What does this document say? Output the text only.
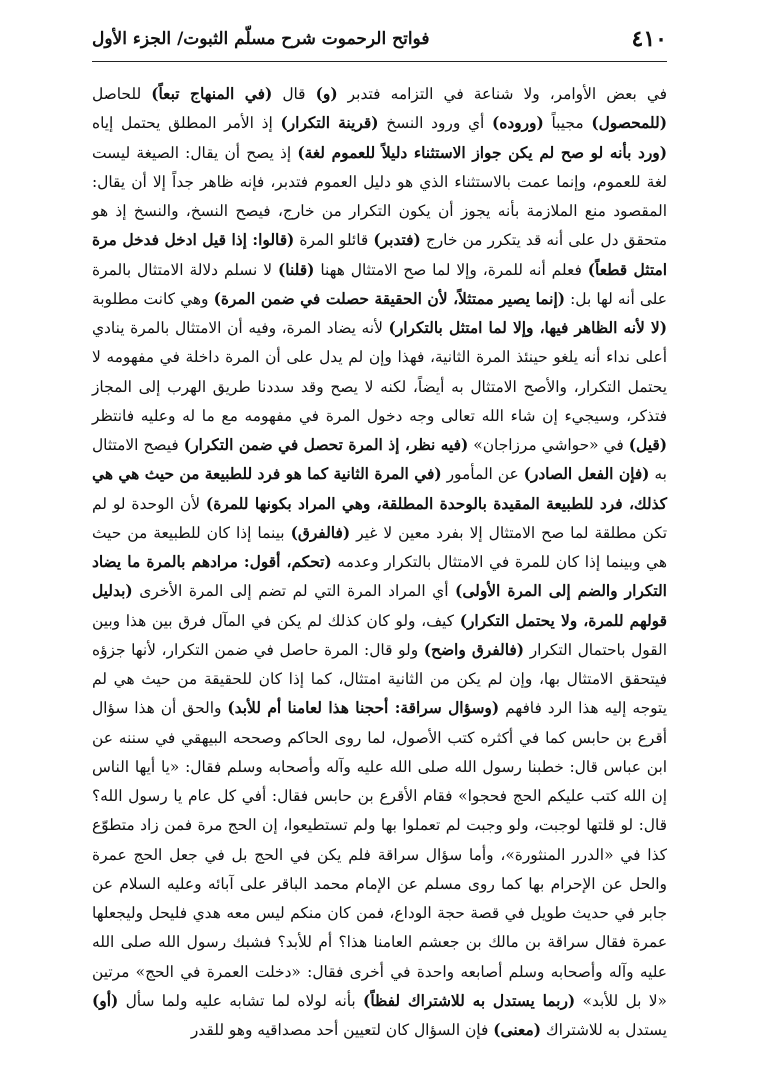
٤١٠
فواتح الرحموت شرح مسلّم الثبوت/ الجزء الأول

في بعض الأوامر، ولا شناعة في التزامه فتدبر (و) قال (في المنهاج تبعاً) للحاصل (للمحصول) مجيباً (وروده) أي ورود النسخ (قرينة التكرار) إذ الأمر المطلق يحتمل إياه (ورد بأنه لو صح لم يكن جواز الاستثناء دليلاً للعموم لغة) إذ يصح أن يقال: الصيغة ليست لغة للعموم، وإنما عمت بالاستثناء الذي هو دليل العموم فتدبر، فإنه ظاهر جداً إلا أن يقال: المقصود منع الملازمة بأنه يجوز أن يكون التكرار من خارج، فيصح النسخ، والنسخ إذ هو متحقق دل على أنه قد يتكرر من خارج (فتدبر) قائلو المرة (قالوا: إذا قيل ادخل فدخل مرة امتثل قطعاً) فعلم أنه للمرة، وإلا لما صح الامتثال ههنا (قلنا) لا نسلم دلالة الامتثال بالمرة على أنه لها بل: (إنما يصير ممتثلاً، لأن الحقيقة حصلت في ضمن المرة) وهي كانت مطلوبة (لا لأنه الظاهر فيها، وإلا لما امتثل بالتكرار) لأنه يضاد المرة، وفيه أن الامتثال بالمرة ينادي أعلى نداء أنه يلغو حينئذ المرة الثانية، فهذا وإن لم يدل على أن المرة داخلة في مفهومه لا يحتمل التكرار، والأصح الامتثال به أيضاً، لكنه لا يصح وقد سددنا طريق الهرب إلى المجاز فتذكر، وسيجيء إن شاء الله تعالى وجه دخول المرة في مفهومه مع ما له وعليه فانتظر (قيل) في «حواشي مرزاجان» (فيه نظر، إذ المرة تحصل في ضمن التكرار) فيصح الامتثال به (فإن الفعل الصادر) عن المأمور (في المرة الثانية كما هو فرد للطبيعة من حيث هي هي كذلك، فرد للطبيعة المقيدة بالوحدة المطلقة، وهي المراد بكونها للمرة) لأن الوحدة لو لم تكن مطلقة لما صح الامتثال إلا بفرد معين لا غير (فالفرق) بينما إذا كان للطبيعة من حيث هي وبينما إذا كان للمرة في الامتثال بالتكرار وعدمه (تحكم، أقول: مرادهم بالمرة ما يضاد التكرار والضم إلى المرة الأولى) أي المراد المرة التي لم تضم إلى المرة الأخرى (بدليل قولهم للمرة، ولا يحتمل التكرار) كيف، ولو كان كذلك لم يكن في المآل فرق بين هذا وبين القول باحتمال التكرار (فالفرق واضح) ولو قال: المرة حاصل في ضمن التكرار، لأنها جزؤه فيتحقق الامتثال بها، وإن لم يكن من الثانية امتثال، كما إذا كان للحقيقة من حيث هي لم يتوجه إليه هذا الرد فافهم (وسؤال سراقة: أحجنا هذا لعامنا أم للأبد) والحق أن هذا سؤال أقرع بن حابس كما في أكثره كتب الأصول، لما روى الحاكم وصححه البيهقي في سننه عن ابن عباس قال: خطبنا رسول الله صلى الله عليه وآله وأصحابه وسلم فقال: «يا أيها الناس إن الله كتب عليكم الحج فحجوا» فقام الأقرع بن حابس فقال: أفي كل عام يا رسول الله؟ قال: لو قلتها لوجبت، ولو وجبت لم تعملوا بها ولم تستطيعوا، إن الحج مرة فمن زاد متطوّع كذا في «الدرر المنثورة»، وأما سؤال سراقة فلم يكن في الحج بل في جعل الحج عمرة والحل عن الإحرام بها كما روى مسلم عن الإمام محمد الباقر على آبائه وعليه السلام عن جابر في حديث طويل في قصة حجة الوداع، فمن كان منكم ليس معه هدي فليحل وليجعلها عمرة فقال سراقة بن مالك بن جعشم العامنا هذا؟ أم للأبد؟ فشبك رسول الله صلى الله عليه وآله وأصحابه وسلم أصابعه واحدة في أخرى فقال: «دخلت العمرة في الحج» مرتين «لا بل للأبد» (ربما يستدل به للاشتراك لفظاً) بأنه لولاه لما تشابه عليه ولما سأل (أو) يستدل به للاشتراك (معنى) فإن السؤال كان لتعيين أحد مصداقيه وهو للقدر
